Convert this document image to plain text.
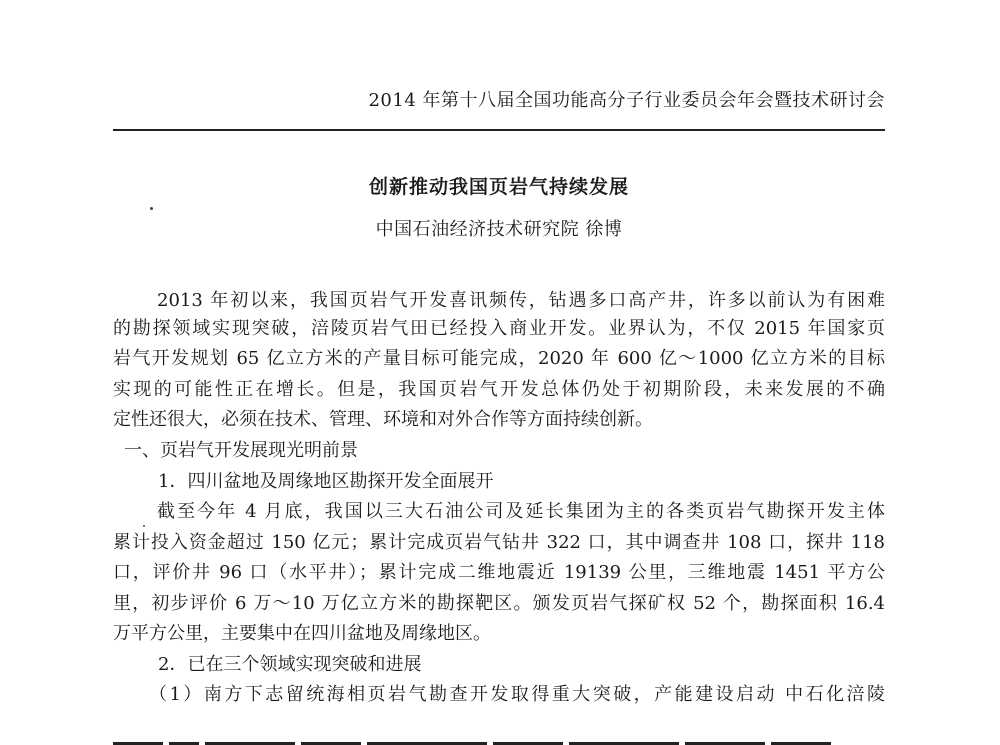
2014 年第十八届全国功能高分子行业委员会年会暨技术研讨会
创新推动我国页岩气持续发展
中国石油经济技术研究院 徐博
2013 年初以来，我国页岩气开发喜讯频传，钻遇多口高产井，许多以前认为有困难
的勘探领域实现突破，涪陵页岩气田已经投入商业开发。业界认为，不仅 2015 年国家页
岩气开发规划 65 亿立方米的产量目标可能完成，2020 年 600 亿～1000 亿立方米的目标
实现的可能性正在增长。但是，我国页岩气开发总体仍处于初期阶段，未来发展的不确
定性还很大，必须在技术、管理、环境和对外合作等方面持续创新。
一、页岩气开发展现光明前景
1．四川盆地及周缘地区勘探开发全面展开
截至今年 4 月底，我国以三大石油公司及延长集团为主的各类页岩气勘探开发主体
累计投入资金超过 150 亿元；累计完成页岩气钻井 322 口，其中调查井 108 口，探井 118
口，评价井 96 口（水平井）；累计完成二维地震近 19139 公里，三维地震 1451 平方公
里，初步评价 6 万～10 万亿立方米的勘探靶区。颁发页岩气探矿权 52 个，勘探面积 16.4
万平方公里，主要集中在四川盆地及周缘地区。
2．已在三个领域实现突破和进展
（1）南方下志留统海相页岩气勘查开发取得重大突破，产能建设启动 中石化涪陵
